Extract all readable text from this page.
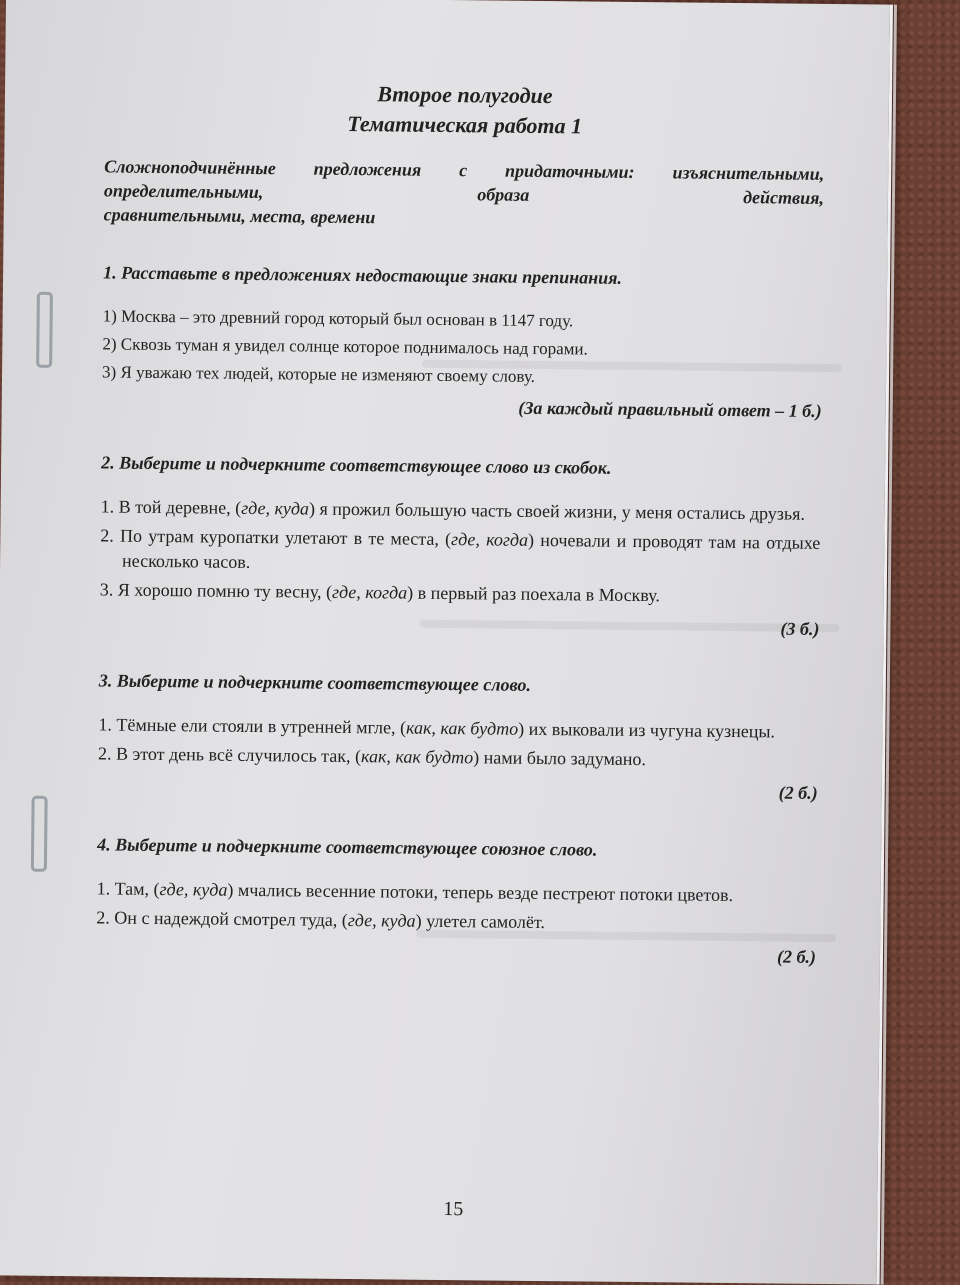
Второе полугодие
Тематическая работа 1
Сложноподчинённые предложения с придаточными: изъяснительными, определительными, образа действия,
сравнительными, места, времени
1. Расставьте в предложениях недостающие знаки препинания.
1) Москва – это древний город который был основан в 1147 году.
2) Сквозь туман я увидел солнце которое поднималось над горами.
3) Я уважаю тех людей, которые не изменяют своему слову.
(За каждый правильный ответ – 1 б.)
2. Выберите и подчеркните соответствующее слово из скобок.
1. В той деревне, (где, куда) я прожил большую часть своей жизни, у меня остались друзья.
2. По утрам куропатки улетают в те места, (где, когда) ночевали и проводят там на отдыхе несколько часов.
3. Я хорошо помню ту весну, (где, когда) в первый раз поехала в Москву.
(3 б.)
3. Выберите и подчеркните соответствующее слово.
1. Тёмные ели стояли в утренней мгле, (как, как будто) их выковали из чугуна кузнецы.
2. В этот день всё случилось так, (как, как будто) нами было задумано.
(2 б.)
4. Выберите и подчеркните соответствующее союзное слово.
1. Там, (где, куда) мчались весенние потоки, теперь везде пестреют потоки цветов.
2. Он с надеждой смотрел туда, (где, куда) улетел самолёт.
(2 б.)
15
